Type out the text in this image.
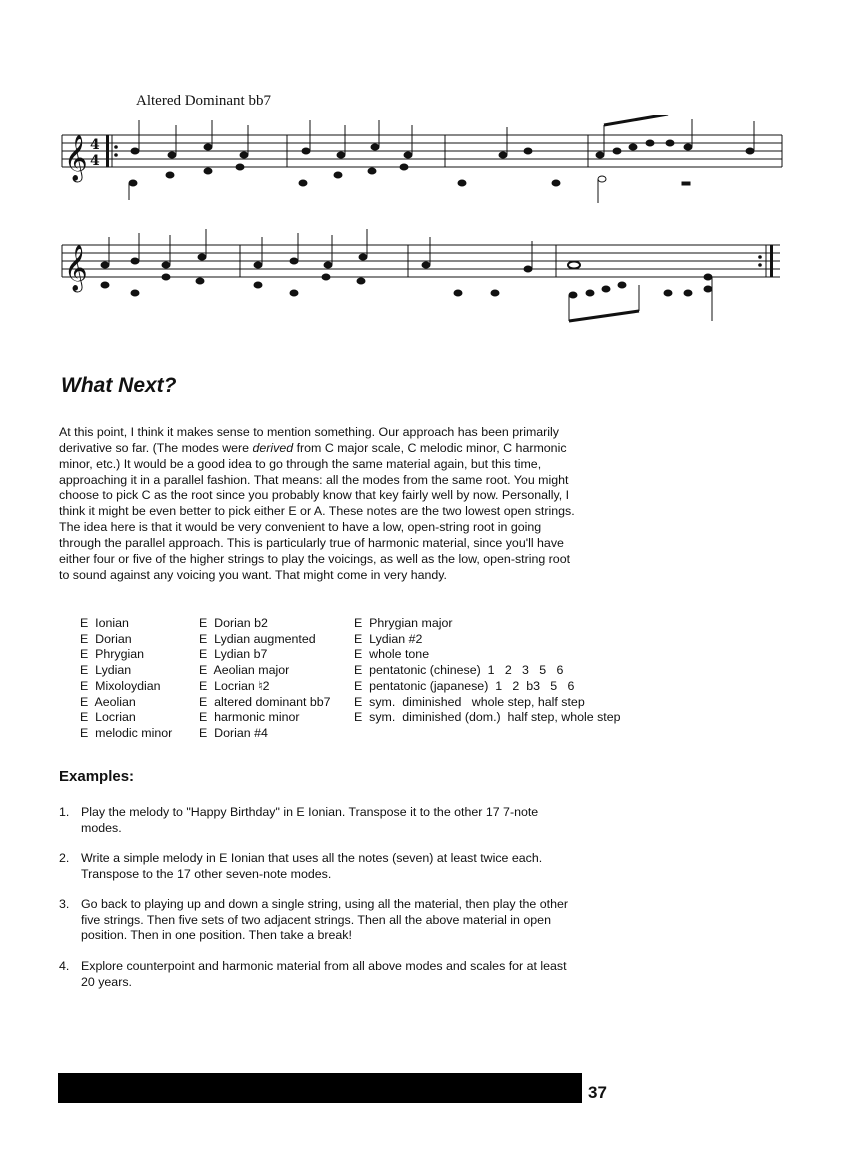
Altered Dominant bb7
𝄞 4
4
𝄞
What Next?

At this point, I think it makes sense to mention something. Our approach has been primarily derivative so far. (The modes were derived from C major scale, C melodic minor, C harmonic minor, etc.) It would be a good idea to go through the same material again, but this time, approaching it in a parallel fashion. That means: all the modes from the same root. You might choose to pick C as the root since you probably know that key fairly well by now. Personally, I think it might be even better to pick either E or A. These notes are the two lowest open strings. The idea here is that it would be very convenient to have a low, open-string root in going through the parallel approach. This is particularly true of harmonic material, since you'll have either four or five of the higher strings to play the voicings, as well as the low, open-string root to sound against any voicing you want. That might come in very handy.

E  Ionian
E  Dorian
E  Phrygian
E  Lydian
E  Mixoloydian
E  Aeolian
E  Locrian
E  melodic minor
E  Dorian b2
E  Lydian augmented
E  Lydian b7
E  Aeolian major
E  Locrian ♮2
E  altered dominant bb7
E  harmonic minor
E  Dorian #4
E  Phrygian major
E  Lydian #2
E  whole tone
E  pentatonic (chinese)  1   2   3   5   6
E  pentatonic (japanese)  1   2  b3   5   6
E  sym.  diminished   whole step, half step
E  sym.  diminished (dom.)  half step, whole step
Examples:
1. Play the melody to "Happy Birthday" in E Ionian. Transpose it to the other 17 7-note modes.
2. Write a simple melody in E Ionian that uses all the notes (seven) at least twice each. Transpose to the 17 other seven-note modes.
3. Go back to playing up and down a single string, using all the material, then play the other five strings. Then five sets of two adjacent strings. Then all the above material in open position. Then in one position. Then take a break!
4. Explore counterpoint and harmonic material from all above modes and scales for at least 20 years.
37
